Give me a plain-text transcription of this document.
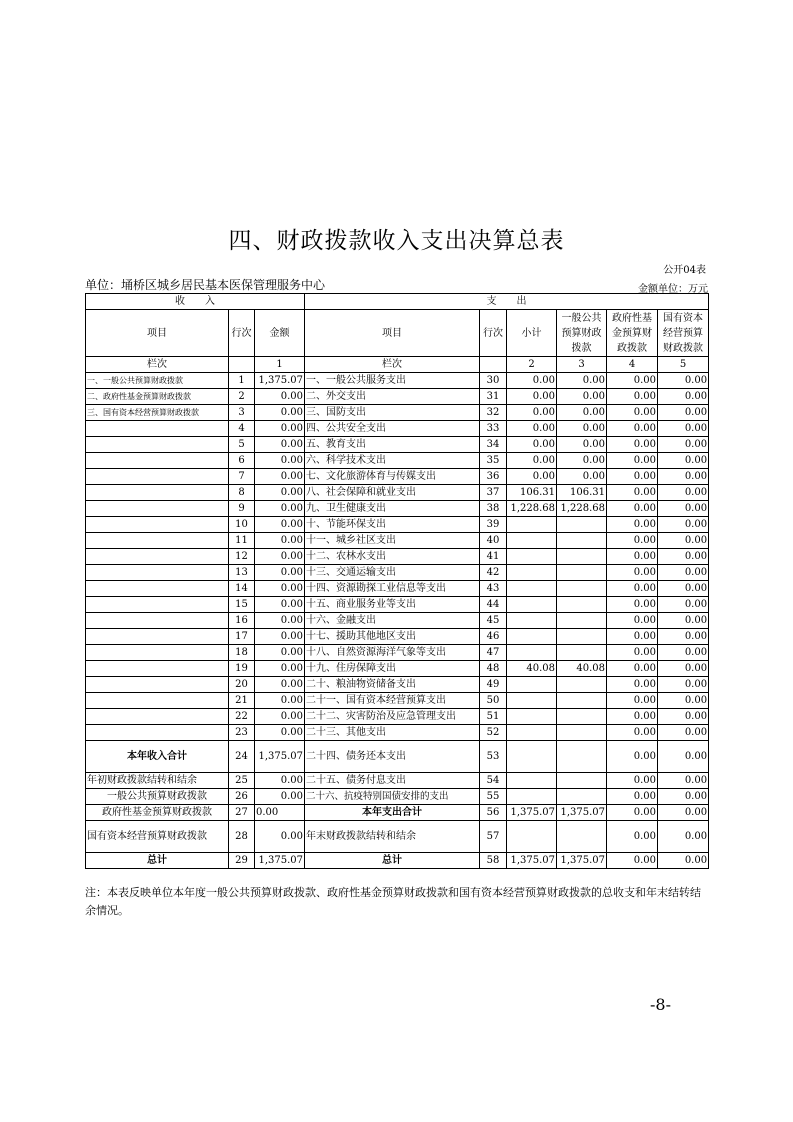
四、财政拨款收入支出决算总表
公开04表
单位：埇桥区城乡居民基本医保管理服务中心	金额单位：万元
收　　入			支　　出					
项目	行次	金额	项目	行次	小计	一般公共预算财政拨款	政府性基金预算财政拨款	国有资本经营预算财政拨款
栏次		1	栏次		2	3	4	5
一、一般公共预算财政拨款	1	1,375.07	一、一般公共服务支出	30	0.00	0.00	0.00	0.00
二、政府性基金预算财政拨款	2	0.00	二、外交支出	31	0.00	0.00	0.00	0.00
三、国有资本经营预算财政拨款	3	0.00	三、国防支出	32	0.00	0.00	0.00	0.00
	4	0.00	四、公共安全支出	33	0.00	0.00	0.00	0.00
	5	0.00	五、教育支出	34	0.00	0.00	0.00	0.00
	6	0.00	六、科学技术支出	35	0.00	0.00	0.00	0.00
	7	0.00	七、文化旅游体育与传媒支出	36	0.00	0.00	0.00	0.00
	8	0.00	八、社会保障和就业支出	37	106.31	106.31	0.00	0.00
	9	0.00	九、卫生健康支出	38	1,228.68	1,228.68	0.00	0.00
	10	0.00	十、节能环保支出	39			0.00	0.00
	11	0.00	十一、城乡社区支出	40			0.00	0.00
	12	0.00	十二、农林水支出	41			0.00	0.00
	13	0.00	十三、交通运输支出	42			0.00	0.00
	14	0.00	十四、资源勘探工业信息等支出	43			0.00	0.00
	15	0.00	十五、商业服务业等支出	44			0.00	0.00
	16	0.00	十六、金融支出	45			0.00	0.00
	17	0.00	十七、援助其他地区支出	46			0.00	0.00
	18	0.00	十八、自然资源海洋气象等支出	47			0.00	0.00
	19	0.00	十九、住房保障支出	48	40.08	40.08	0.00	0.00
	20	0.00	二十、粮油物资储备支出	49			0.00	0.00
	21	0.00	二十一、国有资本经营预算支出	50			0.00	0.00
	22	0.00	二十二、灾害防治及应急管理支出	51			0.00	0.00
	23	0.00	二十三、其他支出	52			0.00	0.00
本年收入合计	24	1,375.07	二十四、债务还本支出	53			0.00	0.00
年初财政拨款结转和结余	25	0.00	二十五、债务付息支出	54			0.00	0.00
一般公共预算财政拨款	26	0.00	二十六、抗疫特别国债安排的支出	55			0.00	0.00
政府性基金预算财政拨款	27	0.00	本年支出合计	56	1,375.07	1,375.07	0.00	0.00
国有资本经营预算财政拨款	28	0.00	年末财政拨款结转和结余	57			0.00	0.00
总计	29	1,375.07	总计	58	1,375.07	1,375.07	0.00	0.00
注：本表反映单位本年度一般公共预算财政拨款、政府性基金预算财政拨款和国有资本经营预算财政拨款的总收支和年末结转结余情况。
-8-
